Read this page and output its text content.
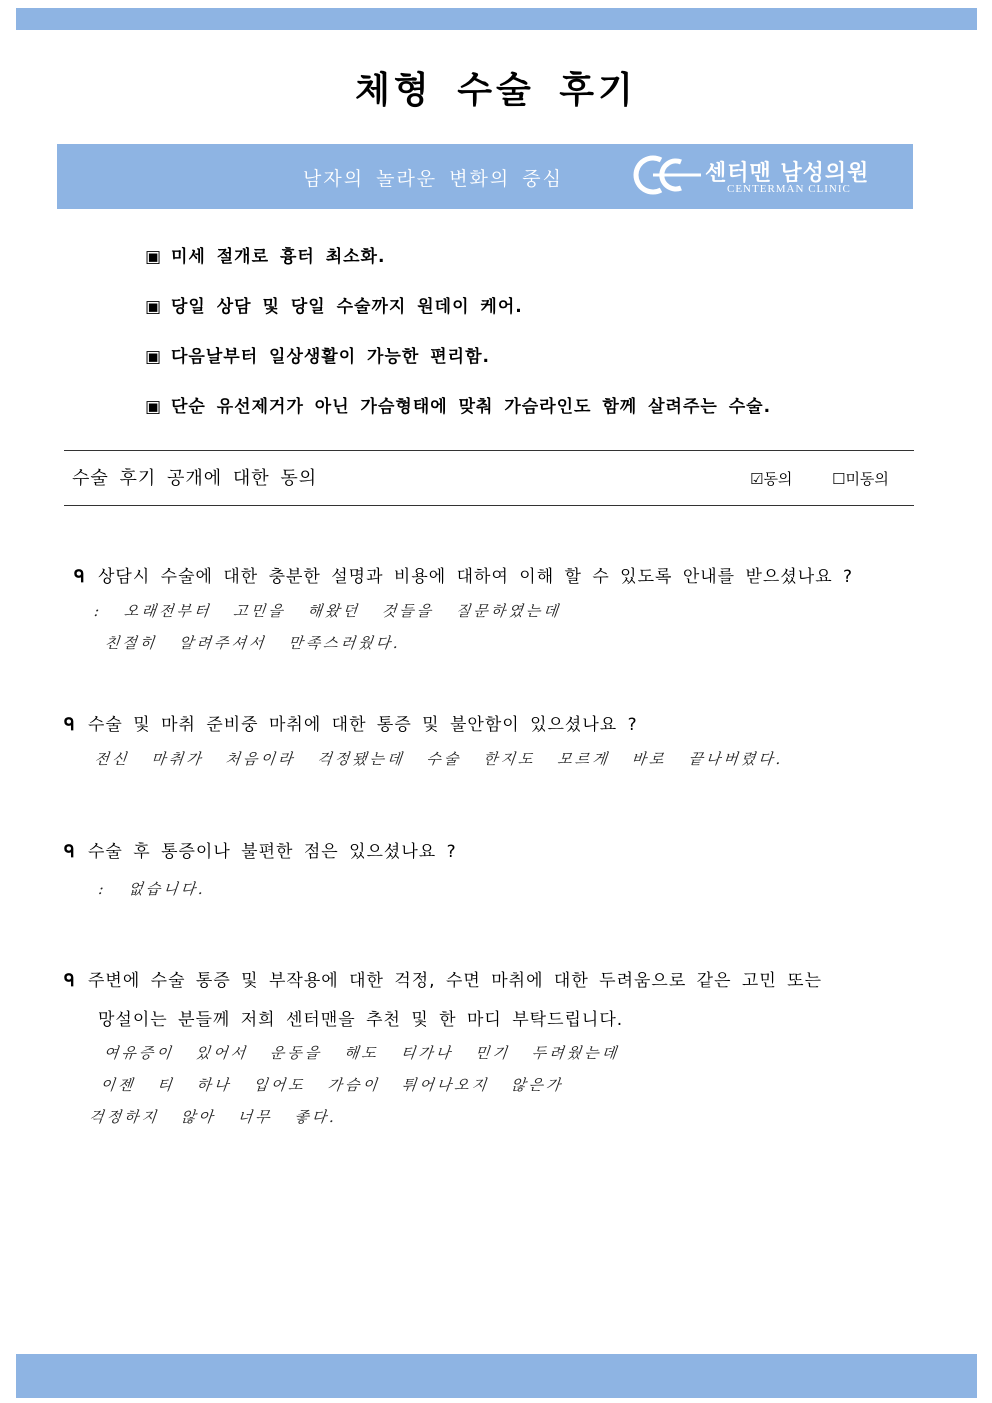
체형 수술 후기
남자의 놀라운 변화의 중심	센터맨 남성의원
CENTERMAN CLINIC
▣ 미세 절개로 흉터 최소화.
▣ 당일 상담 및 당일 수술까지 원데이 케어.
▣ 다음날부터 일상생활이 가능한 편리함.
▣ 단순 유선제거가 아닌 가슴형태에 맞춰 가슴라인도 함께 살려주는 수술.
수술 후기 공개에 대한 동의	☑동의	☐미동의
ᑫ 상담시 수술에 대한 충분한 설명과 비용에 대하여 이해 할 수 있도록 안내를 받으셨나요 ?
: 오래전부터 고민을 해왔던 것들을 질문하였는데
친절히 알려주셔서 만족스러웠다.
ᑫ 수술 및 마취 준비중 마취에 대한 통증 및 불안함이 있으셨나요 ?
전신 마취가 처음이라 걱정됐는데 수술 한지도 모르게 바로 끝나버렸다.
ᑫ 수술 후 통증이나 불편한 점은 있으셨나요 ?
: 없습니다.
ᑫ 주변에 수술 통증 및 부작용에 대한 걱정, 수면 마취에 대한 두려움으로 같은 고민 또는
망설이는 분들께 저희 센터맨을 추천 및 한 마디 부탁드립니다.
여유증이 있어서 운동을 해도 티가나 민기 두려웠는데
이젠 티 하나 입어도 가슴이 튀어나오지 않은가
걱정하지 않아 너무 좋다.
